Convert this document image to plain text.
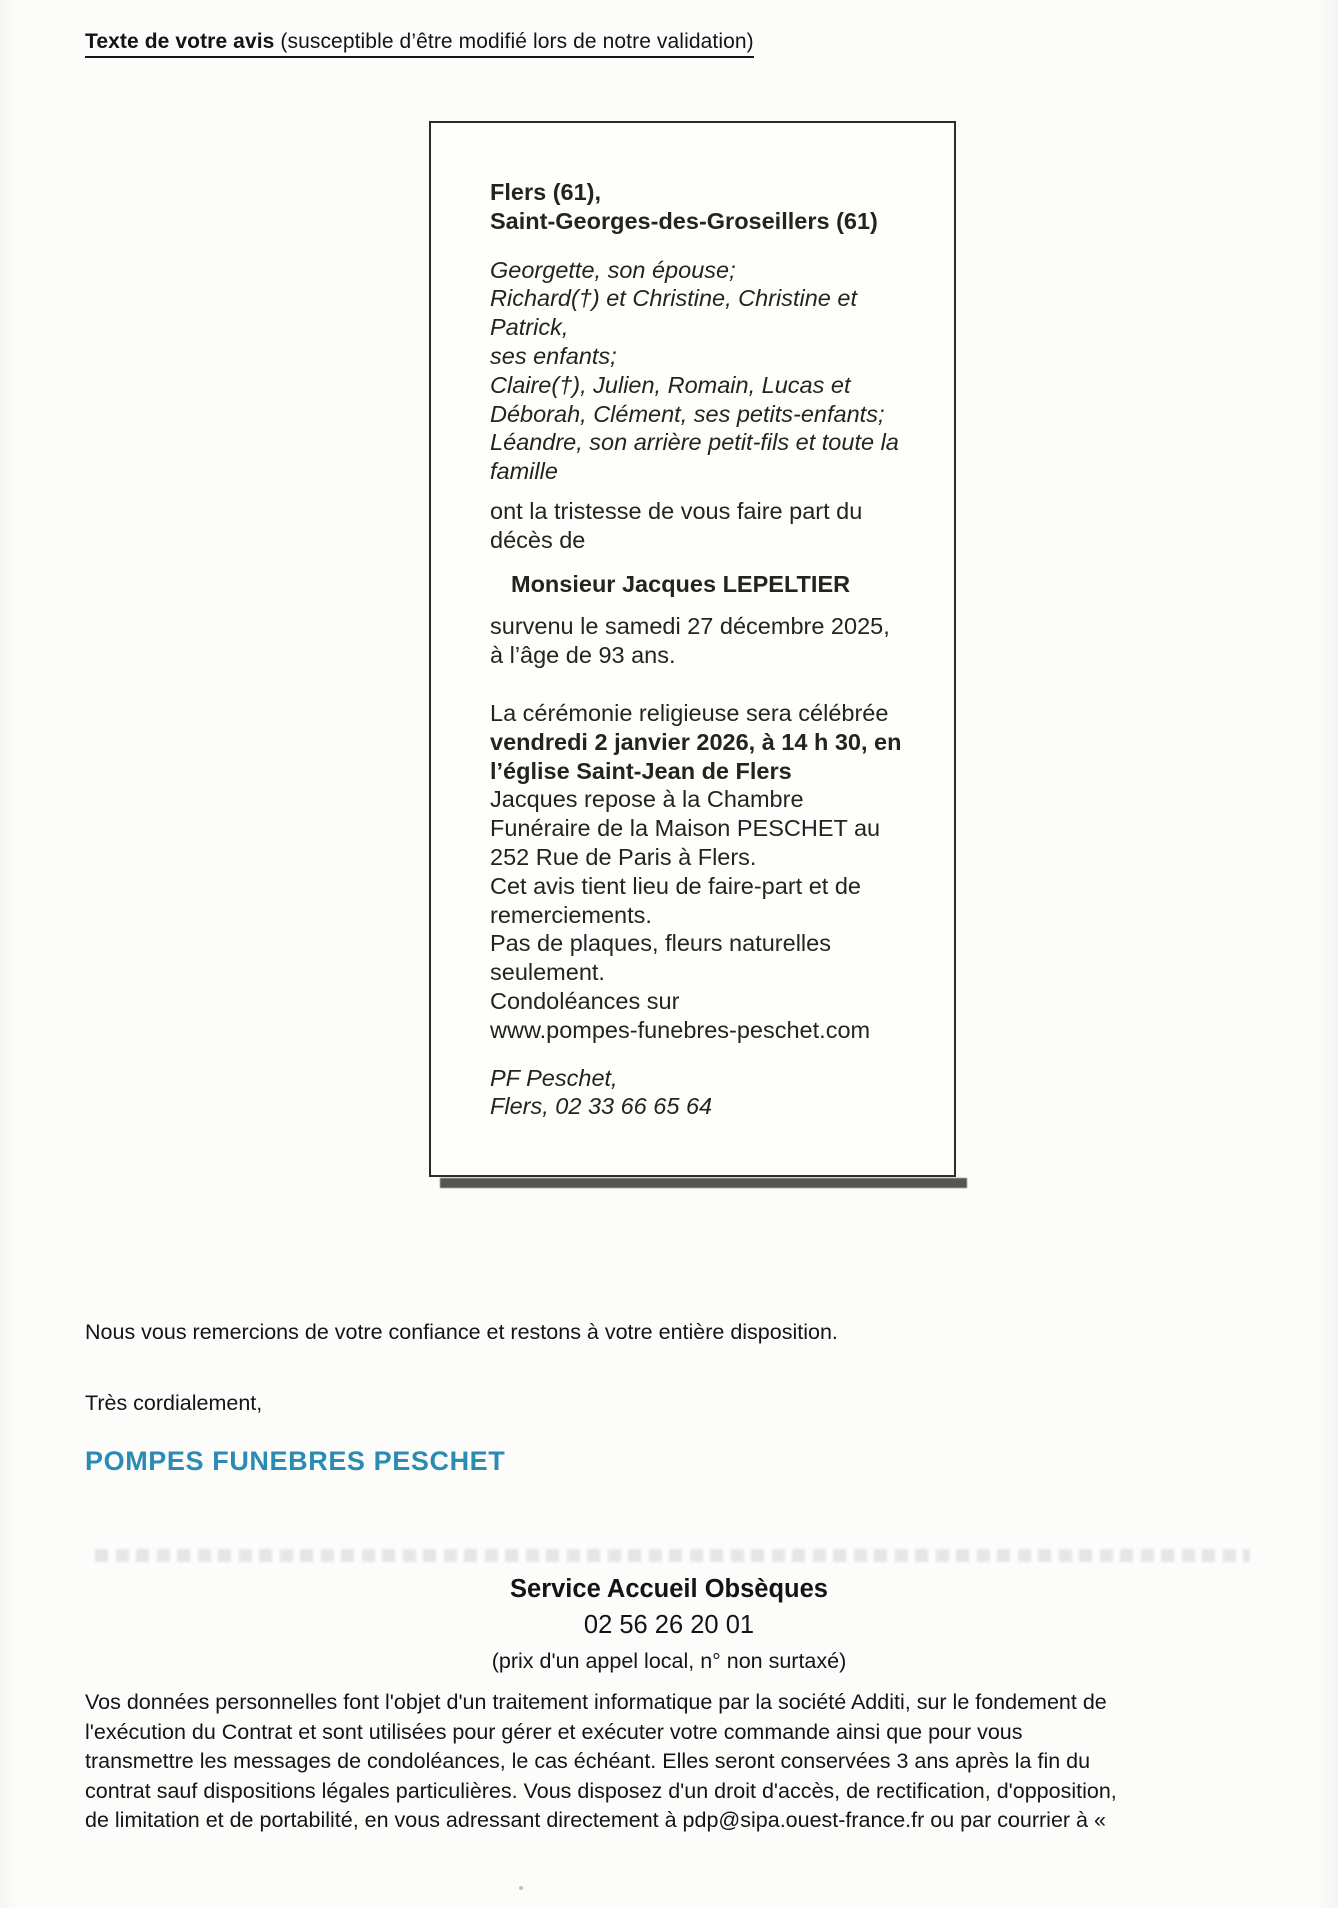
Texte de votre avis (susceptible d’être modifié lors de notre validation)
Flers (61),
Saint-Georges-des-Groseillers (61)
Georgette, son épouse;
Richard(†) et Christine, Christine et
Patrick,
ses enfants;
Claire(†), Julien, Romain, Lucas et
Déborah, Clément, ses petits-enfants;
Léandre, son arrière petit-fils et toute la
famille
ont la tristesse de vous faire part du
décès de
Monsieur Jacques LEPELTIER
survenu le samedi 27 décembre 2025,
à l’âge de 93 ans.
La cérémonie religieuse sera célébrée
vendredi 2 janvier 2026, à 14 h 30, en
l’église Saint-Jean de Flers
Jacques repose à la Chambre
Funéraire de la Maison PESCHET au
252 Rue de Paris à Flers.
Cet avis tient lieu de faire-part et de
remerciements.
Pas de plaques, fleurs naturelles
seulement.
Condoléances sur
www.pompes-funebres-peschet.com
PF Peschet,
Flers, 02 33 66 65 64
Nous vous remercions de votre confiance et restons à votre entière disposition.
Très cordialement,
POMPES FUNEBRES PESCHET
Service Accueil Obsèques
02 56 26 20 01
(prix d'un appel local, n° non surtaxé)
Vos données personnelles font l'objet d'un traitement informatique par la société Additi, sur le fondement de
l'exécution du Contrat et sont utilisées pour gérer et exécuter votre commande ainsi que pour vous
transmettre les messages de condoléances, le cas échéant. Elles seront conservées 3 ans après la fin du
contrat sauf dispositions légales particulières. Vous disposez d'un droit d'accès, de rectification, d'opposition,
de limitation et de portabilité, en vous adressant directement à pdp@sipa.ouest-france.fr ou par courrier à «
